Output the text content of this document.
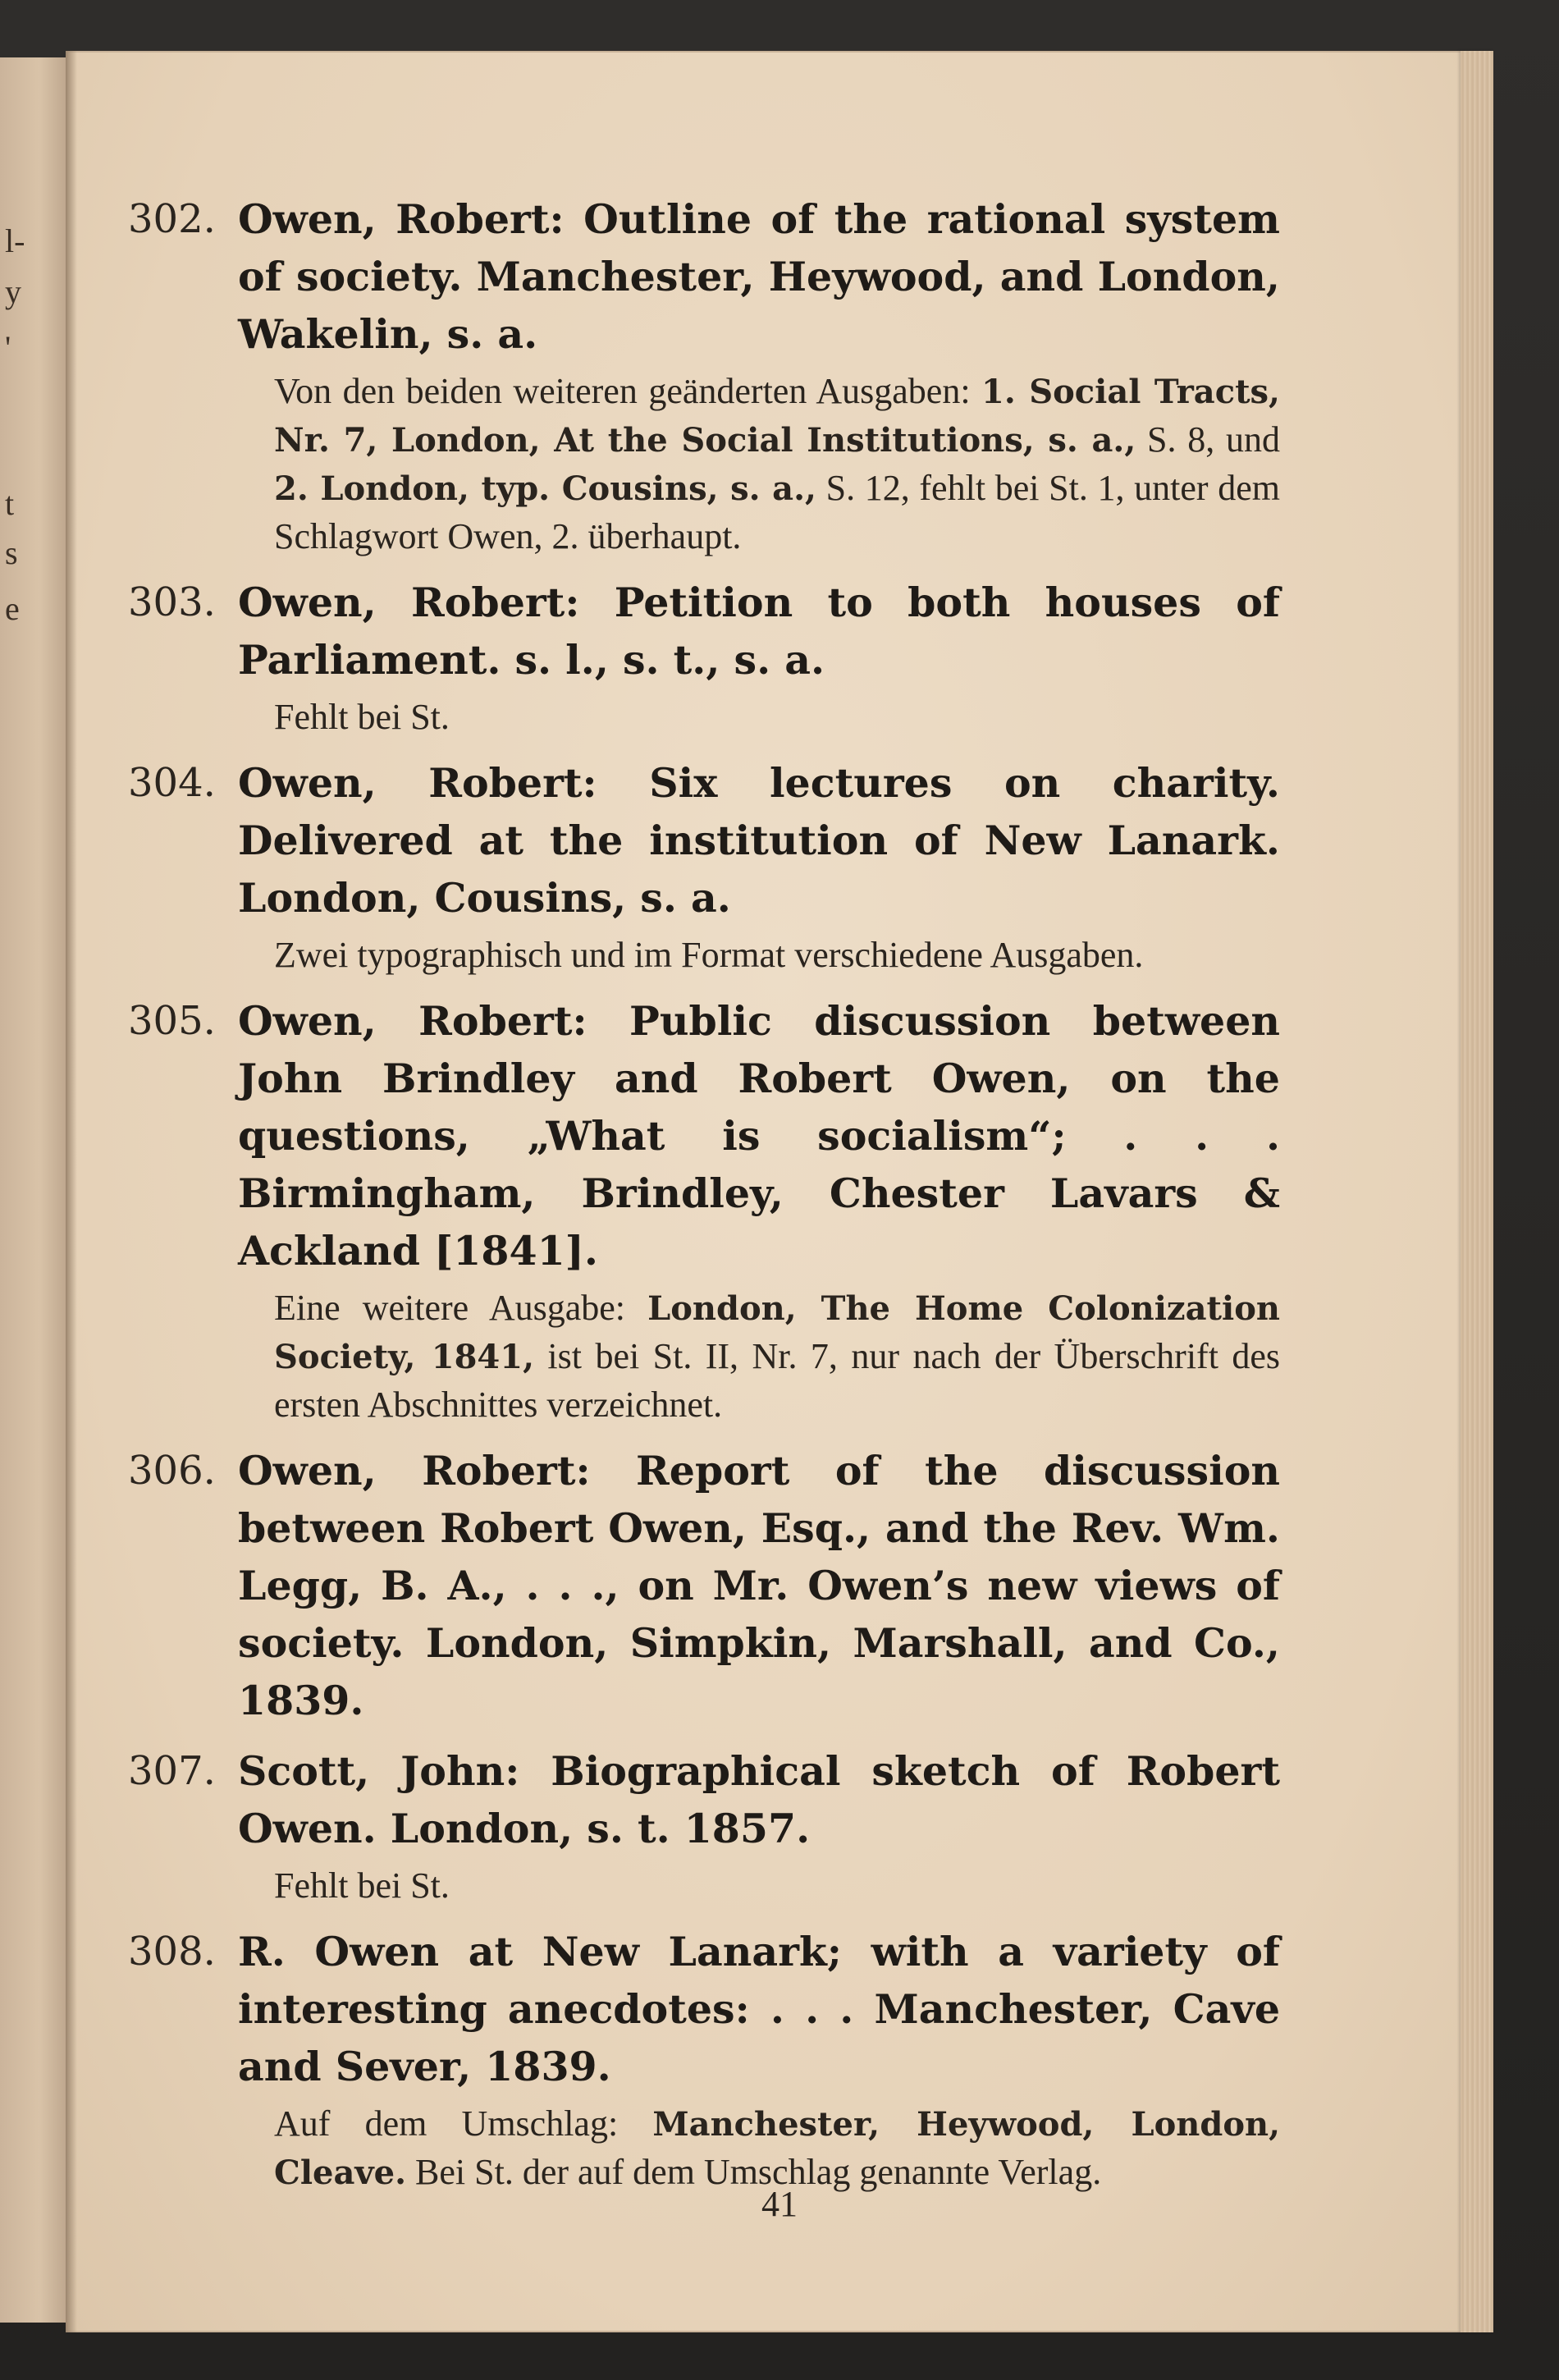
l-
y
'
t
s
e
302. Owen, Robert: Outline of the rational system of society. Manchester, Heywood, and London, Wakelin, s. a.
Von den beiden weiteren geänderten Ausgaben: 1. Social Tracts, Nr. 7, London, At the Social Institutions, s. a., S. 8, und 2. London, typ. Cousins, s. a., S. 12, fehlt bei St. 1, unter dem Schlagwort Owen, 2. überhaupt.
303. Owen, Robert: Petition to both houses of Parliament. s. l., s. t., s. a.
Fehlt bei St.
304. Owen, Robert: Six lectures on charity. Delivered at the institution of New Lanark. London, Cousins, s. a.
Zwei typographisch und im Format verschiedene Ausgaben.
305. Owen, Robert: Public discussion between John Brindley and Robert Owen, on the questions, „What is socialism“; . . . Birmingham, Brindley, Chester Lavars & Ackland [1841].
Eine weitere Ausgabe: London, The Home Colonization Society, 1841, ist bei St. II, Nr. 7, nur nach der Überschrift des ersten Abschnittes verzeichnet.
306. Owen, Robert: Report of the discussion between Robert Owen, Esq., and the Rev. Wm. Legg, B. A., . . ., on Mr. Owen’s new views of society. London, Simpkin, Marshall, and Co., 1839.
307. Scott, John: Biographical sketch of Robert Owen. London, s. t. 1857.
Fehlt bei St.
308. R. Owen at New Lanark; with a variety of interesting anecdotes: . . . Manchester, Cave and Sever, 1839.
Auf dem Umschlag: Manchester, Heywood, London, Cleave. Bei St. der auf dem Umschlag genannte Verlag.
41
